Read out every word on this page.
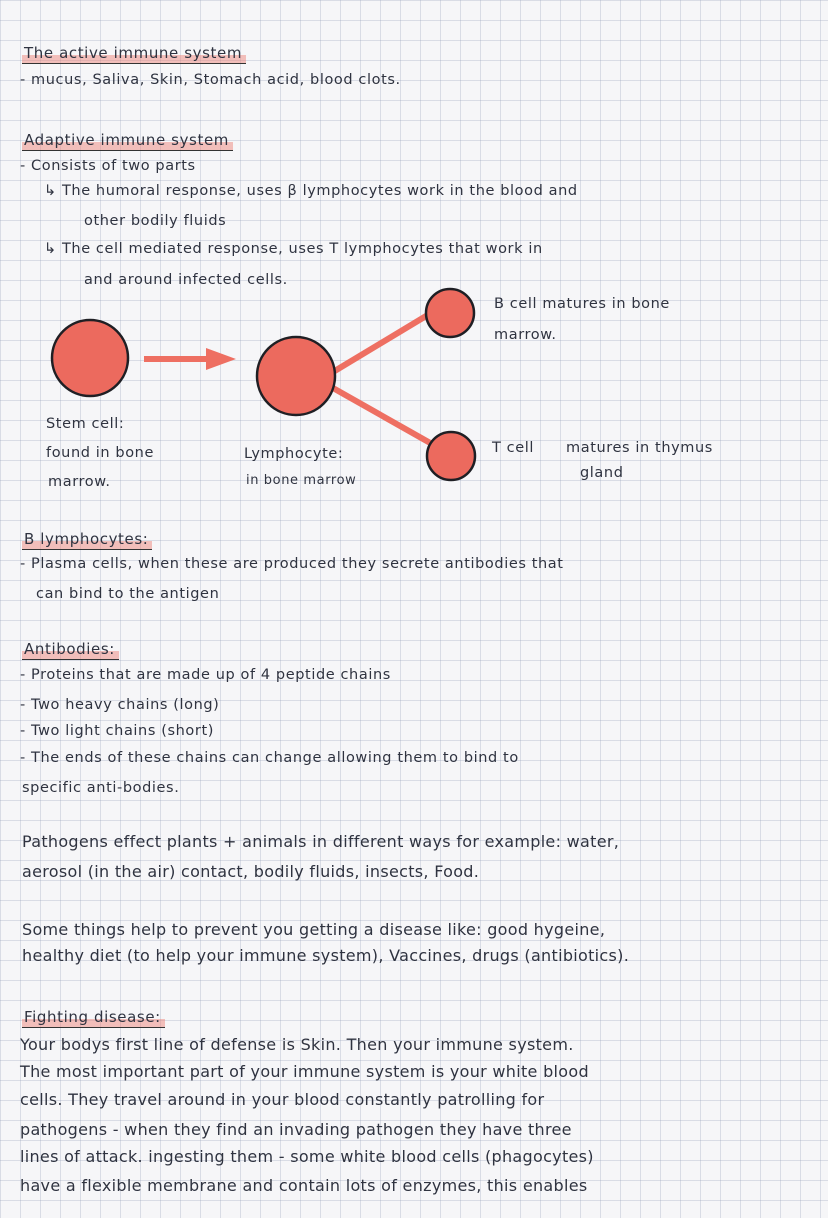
The active immune system
- mucus, Saliva, Skin, Stomach acid, blood clots.
Adaptive immune system
- Consists of two parts
↳ The humoral response, uses β lymphocytes work in the blood and
other bodily fluids
↳ The cell mediated response, uses T lymphocytes that work in
and around infected cells.
B cell matures in bone
marrow.
Stem cell:
found in bone
marrow.
Lymphocyte:
in bone marrow
T cell matures in thymus
gland
B lymphocytes:
- Plasma cells, when these are produced they secrete antibodies that
can bind to the antigen
Antibodies:
- Proteins that are made up of 4 peptide chains
- Two heavy chains (long)
- Two light chains (short)
- The ends of these chains can change allowing them to bind to
specific anti-bodies.
Pathogens effect plants + animals in different ways for example: water,
aerosol (in the air) contact, bodily fluids, insects, Food.
Some things help to prevent you getting a disease like: good hygeine,
healthy diet (to help your immune system), Vaccines, drugs (antibiotics).
Fighting disease:
Your bodys first line of defense is Skin. Then your immune system.
The most important part of your immune system is your white blood
cells. They travel around in your blood constantly patrolling for
pathogens - when they find an invading pathogen they have three
lines of attack. ingesting them - some white blood cells (phagocytes)
have a flexible membrane and contain lots of enzymes, this enables
